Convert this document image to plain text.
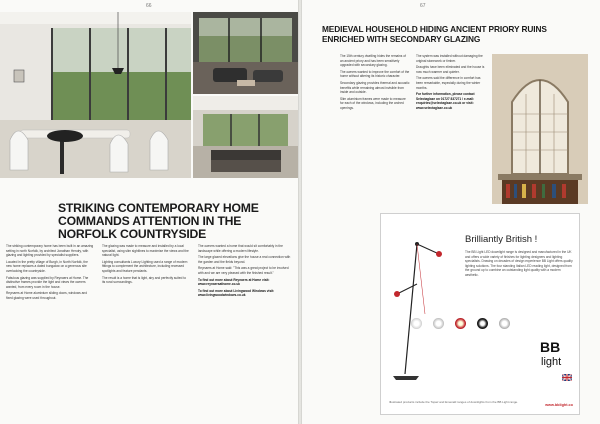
66
STRIKING CONTEMPORARY HOME COMMANDS ATTENTION IN THE NORFOLK COUNTRYSIDE

The striking contemporary home has been built in an amazing setting in north Norfolk, by architect Jonathan Hendry, with glazing and lighting provided by specialist suppliers.

Located in the pretty village of Burgh, in North Norfolk, the new home replaces a dated bungalow on a generous site overlooking the countryside.

Fabulous glazing was supplied by Reynaers at Home. The distinctive frames provide the light and views the owners wanted, from every room in the house.

Reynaers at Home aluminium sliding doors, windows and fixed glazing were used throughout.

The glazing was made to measure and installed by a local specialist, using slim sightlines to maximise the views and the natural light.

Lighting consultants Luxury Lighting used a range of modern fittings to complement the architecture, including recessed spotlights and feature pendants.

The result is a home that is light, airy and perfectly suited to its rural surroundings.

The owners wanted a home that would sit comfortably in the landscape while offering a modern lifestyle.

The large glazed elevations give the house a real connection with the garden and the fields beyond.

Reynaers at Home said: "This was a great project to be involved with and we are very pleased with the finished result."

To find out more about Reynaers at Home visit: www.reynaersathome.co.uk

To find out more about Livingwood Windows visit: www.livingwoodwindows.co.uk

67
MEDIEVAL HOUSEHOLD HIDING ANCIENT PRIORY RUINS ENRICHED WITH SECONDARY GLAZING

The 15th century dwelling hides the remains of an ancient priory and has been sensitively upgraded with secondary glazing.

The owners wanted to improve the comfort of the home without altering its historic character.

Secondary glazing provides thermal and acoustic benefits while remaining almost invisible from inside and outside.

Slim aluminium frames were made to measure for each of the windows, including the arched openings.

The system was installed without damaging the original stonework or timber.

Draughts have been eliminated and the house is now much warmer and quieter.

The owners said the difference in comfort has been remarkable, especially during the winter months.

For further information, please contact Selectaglaze on 01727 837271 / e-mail: enquiries@selectaglaze.co.uk or visit: www.selectaglaze.co.uk

Brilliantly British !
The BB Light LED downlight range is designed and manufactured in the UK and offers a wide variety of finishes for lighting designers and lighting specialists. Drawing on decades of design experience BB Light offers quality lighting solutions. The four standing Italian LED reading light, designed from the ground up to combine an outstanding light quality with a modern aesthetic.
BB
light
Illustrated products include the Topaz and Emerald ranges of downlights from the BB Light range.
www.bblight.co
